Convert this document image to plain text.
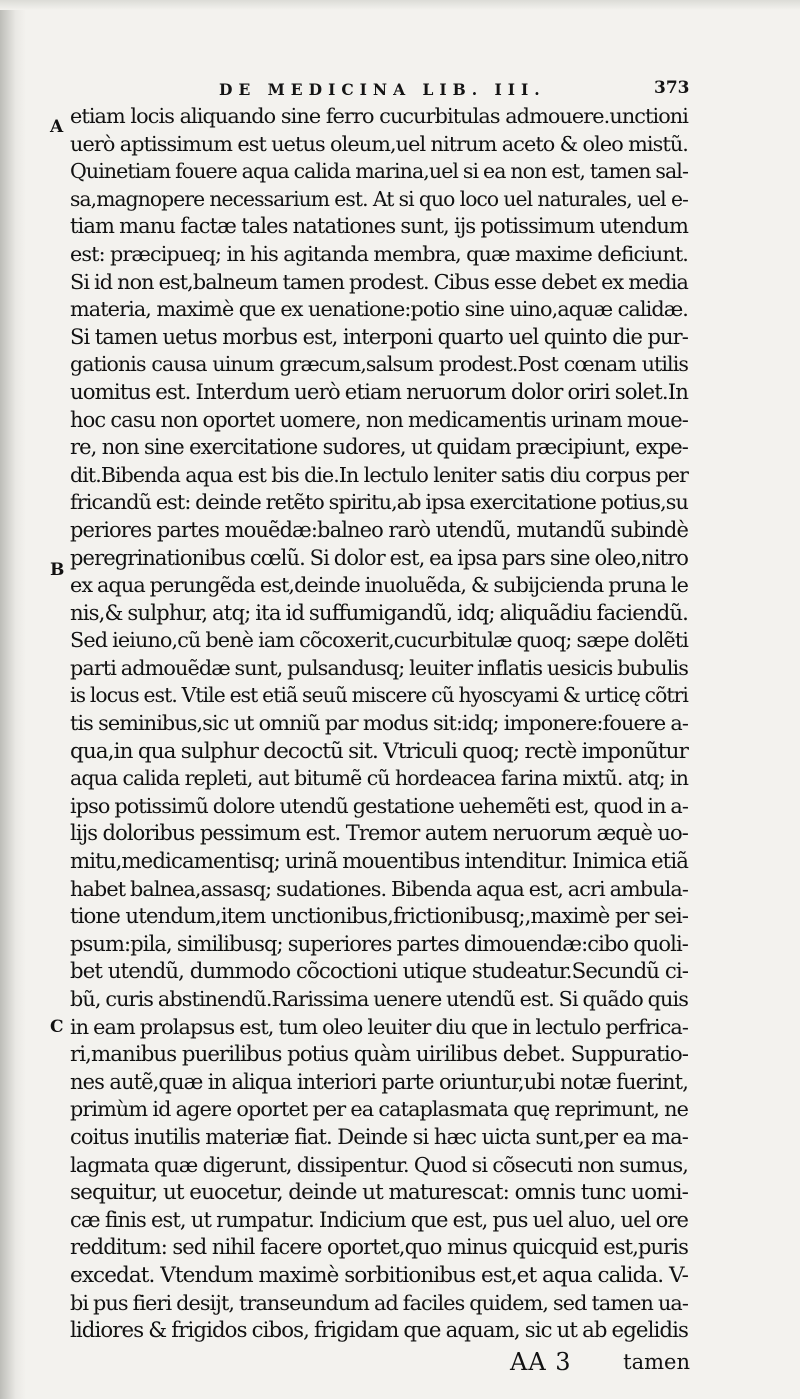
DE MEDICINA LIB. III.	373
A
B
C
etiam locis aliquando sine ferro cucurbitulas admouere.unctioni
uerò aptissimum est uetus oleum,uel nitrum aceto & oleo mistũ.
Quinetiam fouere aqua calida marina,uel si ea non est, tamen sal-
sa,magnopere necessarium est. At si quo loco uel naturales, uel e-
tiam manu factæ tales natationes sunt, ijs potissimum utendum
est: præcipueq; in his agitanda membra, quæ maxime deficiunt.
Si id non est,balneum tamen prodest. Cibus esse debet ex media
materia, maximè que ex uenatione:potio sine uino,aquæ calidæ.
Si tamen uetus morbus est, interponi quarto uel quinto die pur-
gationis causa uinum græcum,salsum prodest.Post cœnam utilis
uomitus est. Interdum uerò etiam neruorum dolor oriri solet.In
hoc casu non oportet uomere, non medicamentis urinam moue-
re, non sine exercitatione sudores, ut quidam præcipiunt, expe-
dit.Bibenda aqua est bis die.In lectulo leniter satis diu corpus per
fricandũ est: deinde retẽto spiritu,ab ipsa exercitatione potius,su
periores partes mouẽdæ:balneo rarò utendũ, mutandũ subindè
peregrinationibus cœlũ. Si dolor est, ea ipsa pars sine oleo,nitro
ex aqua perungẽda est,deinde inuoluẽda, & subijcienda pruna le
nis,& sulphur, atq; ita id suffumigandũ, idq; aliquãdiu faciendũ.
Sed ieiuno,cũ benè iam cõcoxerit,cucurbitulæ quoq; sæpe dolẽti
parti admouẽdæ sunt, pulsandusq; leuiter inflatis uesicis bubulis
is locus est. Vtile est etiã seuũ miscere cũ hyoscyami & urticę cõtri
tis seminibus,sic ut omniũ par modus sit:idq; imponere:fouere a-
qua,in qua sulphur decoctũ sit. Vtriculi quoq; rectè imponũtur
aqua calida repleti, aut bitumẽ cũ hordeacea farina mixtũ. atq; in
ipso potissimũ dolore utendũ gestatione uehemẽti est, quod in a-
lijs doloribus pessimum est. Tremor autem neruorum æquè uo-
mitu,medicamentisq; urinã mouentibus intenditur. Inimica etiã
habet balnea,assasq; sudationes. Bibenda aqua est, acri ambula-
tione utendum,item unctionibus,frictionibusq;,maximè per sei-
psum:pila, similibusq; superiores partes dimouendæ:cibo quoli-
bet utendũ, dummodo cõcoctioni utique studeatur.Secundũ ci-
bũ, curis abstinendũ.Rarissima uenere utendũ est. Si quãdo quis
in eam prolapsus est, tum oleo leuiter diu que in lectulo perfrica-
ri,manibus puerilibus potius quàm uirilibus debet. Suppuratio-
nes autẽ,quæ in aliqua interiori parte oriuntur,ubi notæ fuerint,
primùm id agere oportet per ea cataplasmata quę reprimunt, ne
coitus inutilis materiæ fiat. Deinde si hæc uicta sunt,per ea ma-
lagmata quæ digerunt, dissipentur. Quod si cõsecuti non sumus,
sequitur, ut euocetur, deinde ut maturescat: omnis tunc uomi-
cæ finis est, ut rumpatur. Indicium que est, pus uel aluo, uel ore
redditum: sed nihil facere oportet,quo minus quicquid est,puris
excedat. Vtendum maximè sorbitionibus est,et aqua calida. V-
bi pus fieri desijt, transeundum ad faciles quidem, sed tamen ua-
lidiores & frigidos cibos, frigidam que aquam, sic ut ab egelidis
AA 3 tamen
